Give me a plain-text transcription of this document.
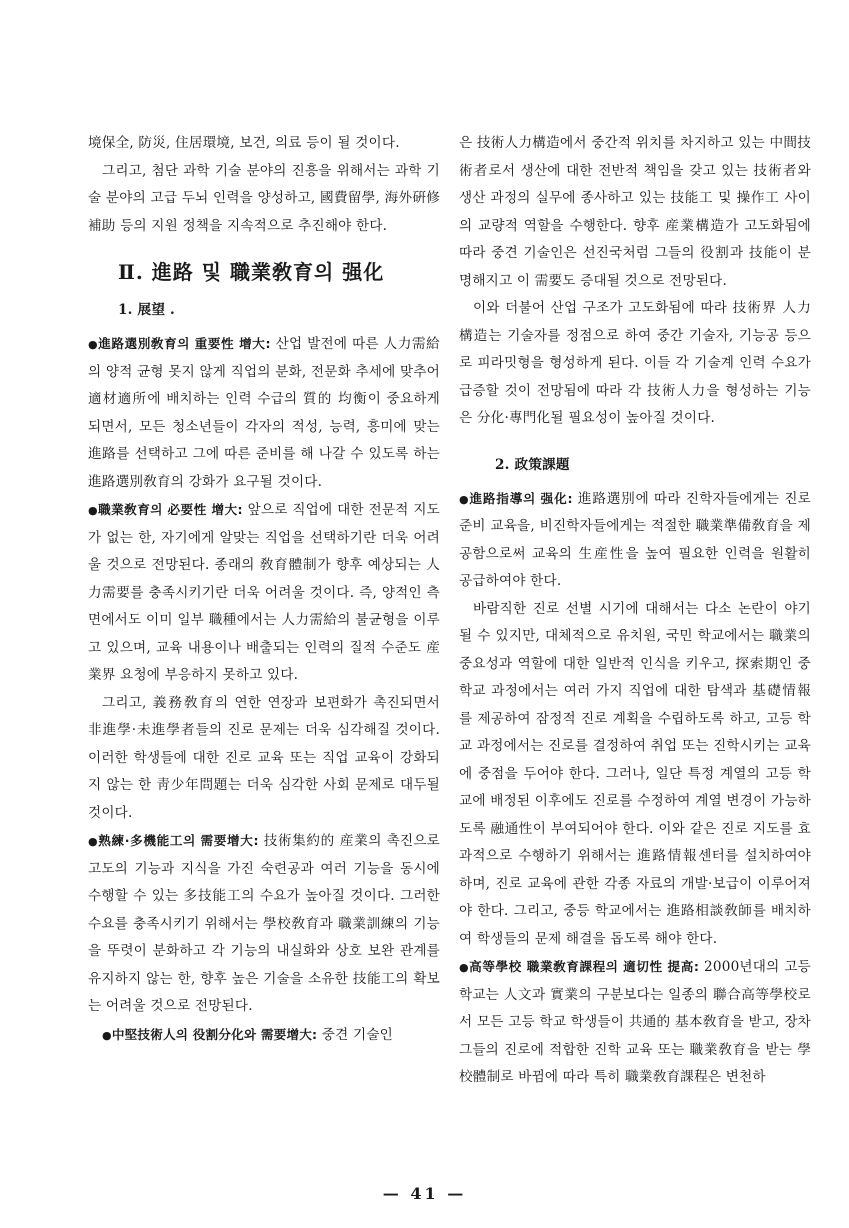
境保全, 防災, 住居環境, 보건, 의료 등이 될 것이다.

그리고, 첨단 과학 기술 분야의 진흥을 위해서는 과학 기술 분야의 고급 두뇌 인력을 양성하고, 國費留學, 海外硏修補助 등의 지원 정책을 지속적으로 추진해야 한다.

Ⅱ. 進路 및 職業敎育의 强化
1. 展望 .

●進路選別敎育의 重要性 增大: 산업 발전에 따른 人力需給의 양적 균형 못지 않게 직업의 분화, 전문화 추세에 맞추어 適材適所에 배치하는 인력 수급의 質的 均衡이 중요하게 되면서, 모든 청소년들이 각자의 적성, 능력, 흥미에 맞는 進路를 선택하고 그에 따른 준비를 해 나갈 수 있도록 하는 進路選別敎育의 강화가 요구될 것이다.

●職業敎育의 必要性 增大: 앞으로 직업에 대한 전문적 지도가 없는 한, 자기에게 알맞는 직업을 선택하기란 더욱 어려울 것으로 전망된다. 종래의 敎育體制가 향후 예상되는 人力需要를 충족시키기란 더욱 어려울 것이다. 즉, 양적인 측면에서도 이미 일부 職種에서는 人力需給의 불균형을 이루고 있으며, 교육 내용이나 배출되는 인력의 질적 수준도 産業界 요청에 부응하지 못하고 있다.

그리고, 義務敎育의 연한 연장과 보편화가 촉진되면서 非進學·未進學者들의 진로 문제는 더욱 심각해질 것이다. 이러한 학생들에 대한 진로 교육 또는 직업 교육이 강화되지 않는 한 靑少年問題는 더욱 심각한 사회 문제로 대두될 것이다.

●熟練·多機能工의 需要增大: 技術集約的 産業의 촉진으로 고도의 기능과 지식을 가진 숙련공과 여러 기능을 동시에 수행할 수 있는 多技能工의 수요가 높아질 것이다. 그러한 수요를 충족시키기 위해서는 學校敎育과 職業訓練의 기능을 뚜렷이 분화하고 각 기능의 내실화와 상호 보완 관계를 유지하지 않는 한, 향후 높은 기술을 소유한 技能工의 확보는 어려울 것으로 전망된다.

●中堅技術人의 役割分化와 需要增大: 중견 기술인

은 技術人力構造에서 중간적 위치를 차지하고 있는 中間技術者로서 생산에 대한 전반적 책임을 갖고 있는 技術者와 생산 과정의 실무에 종사하고 있는 技能工 및 操作工 사이의 교량적 역할을 수행한다. 향후 産業構造가 고도화됨에 따라 중견 기술인은 선진국처럼 그들의 役割과 技能이 분명해지고 이 需要도 증대될 것으로 전망된다.

이와 더불어 산업 구조가 고도화됨에 따라 技術界 人力構造는 기술자를 정점으로 하여 중간 기술자, 기능공 등으로 피라밋형을 형성하게 된다. 이들 각 기술계 인력 수요가 급증할 것이 전망됨에 따라 각 技術人力을 형성하는 기능은 分化·專門化될 필요성이 높아질 것이다.

2. 政策課題

●進路指導의 强化: 進路選別에 따라 진학자들에게는 진로 준비 교육을, 비진학자들에게는 적절한 職業準備敎育을 제공함으로써 교육의 生産性을 높여 필요한 인력을 원활히 공급하여야 한다.

바람직한 진로 선별 시기에 대해서는 다소 논란이 야기될 수 있지만, 대체적으로 유치원, 국민 학교에서는 職業의 중요성과 역할에 대한 일반적 인식을 키우고, 探索期인 중학교 과정에서는 여러 가지 직업에 대한 탐색과 基礎情報를 제공하여 잠정적 진로 계획을 수립하도록 하고, 고등 학교 과정에서는 진로를 결정하여 취업 또는 진학시키는 교육에 중점을 두어야 한다. 그러나, 일단 특정 계열의 고등 학교에 배정된 이후에도 진로를 수정하여 계열 변경이 가능하도록 融通性이 부여되어야 한다. 이와 같은 진로 지도를 효과적으로 수행하기 위해서는 進路情報센터를 설치하여야 하며, 진로 교육에 관한 각종 자료의 개발·보급이 이루어져야 한다. 그리고, 중등 학교에서는 進路相談敎師를 배치하여 학생들의 문제 해결을 돕도록 해야 한다.

●高等學校 職業敎育課程의 適切性 提高: 2000년대의 고등 학교는 人文과 實業의 구분보다는 일종의 聯合高等學校로서 모든 고등 학교 학생들이 共通的 基本敎育을 받고, 장차 그들의 진로에 적합한 진학 교육 또는 職業敎育을 받는 學校體制로 바뀜에 따라 특히 職業敎育課程은 변천하

— 41 —
